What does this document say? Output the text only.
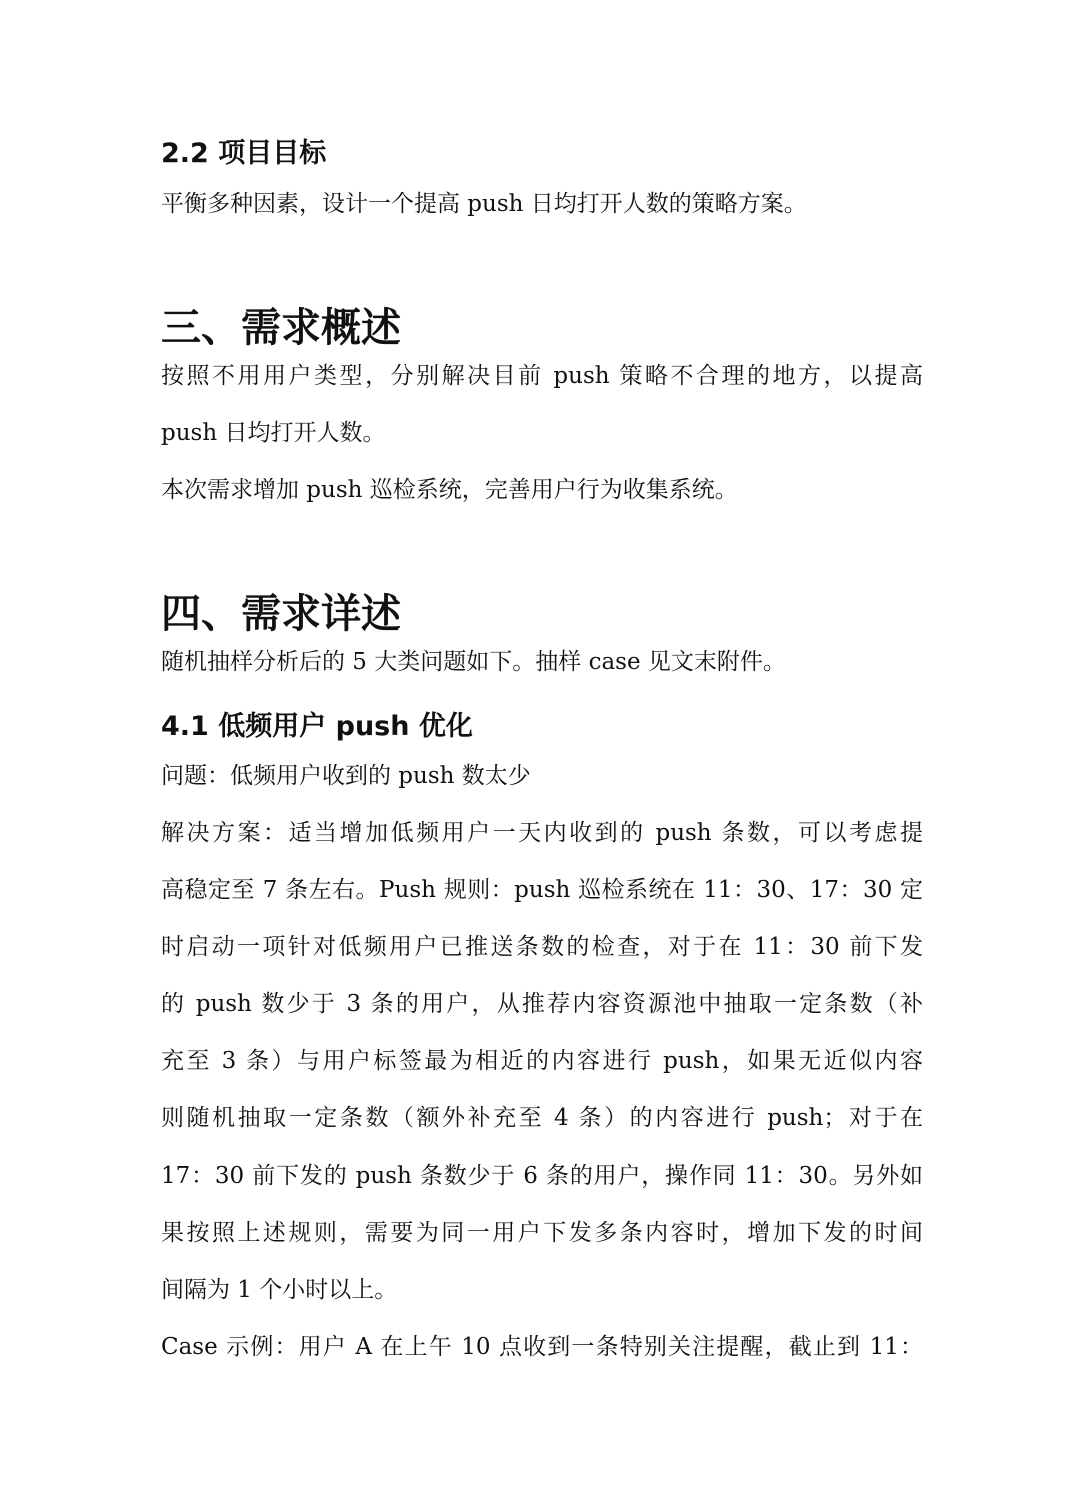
2.2 项目目标
平衡多种因素，设计一个提高 push 日均打开人数的策略方案。
三、需求概述
按照不用用户类型，分别解决目前 push 策略不合理的地方，以提高
push 日均打开人数。
本次需求增加 push 巡检系统，完善用户行为收集系统。
四、需求详述
随机抽样分析后的 5 大类问题如下。抽样 case 见文末附件。
4.1 低频用户 push 优化
问题：低频用户收到的 push 数太少
解决方案：适当增加低频用户一天内收到的 push 条数，可以考虑提
高稳定至 7 条左右。Push 规则：push 巡检系统在 11：30、17：30 定
时启动一项针对低频用户已推送条数的检查，对于在 11：30 前下发
的 push 数少于 3 条的用户，从推荐内容资源池中抽取一定条数（补
充至 3 条）与用户标签最为相近的内容进行 push，如果无近似内容
则随机抽取一定条数（额外补充至 4 条）的内容进行 push；对于在
17：30 前下发的 push 条数少于 6 条的用户，操作同 11：30。另外如
果按照上述规则，需要为同一用户下发多条内容时，增加下发的时间
间隔为 1 个小时以上。
Case 示例：用户 A 在上午 10 点收到一条特别关注提醒，截止到 11：
